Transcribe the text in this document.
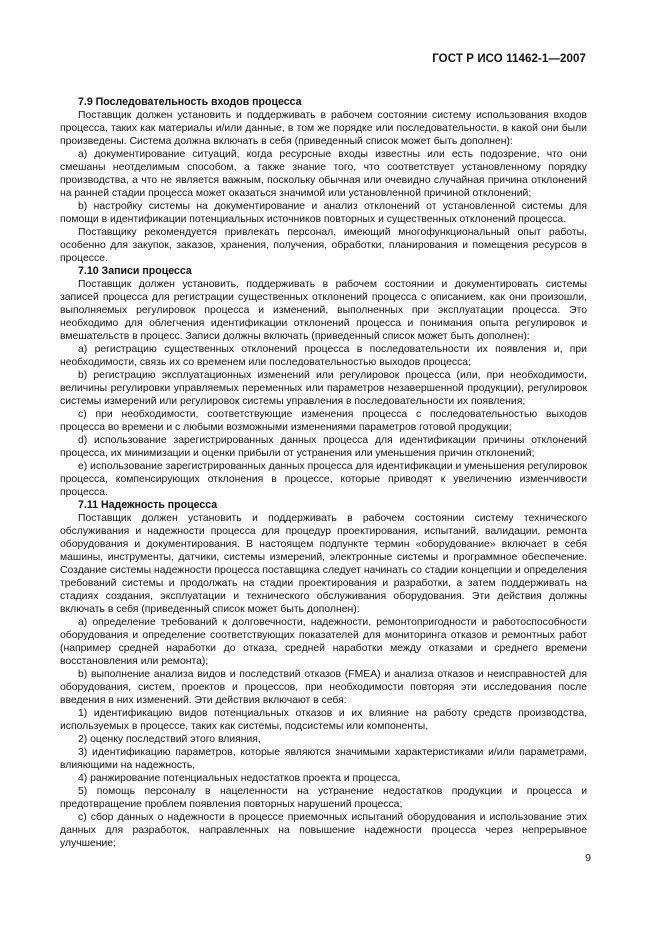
ГОСТ Р ИСО 11462-1—2007
7.9 Последовательность входов процесса

Поставщик должен установить и поддерживать в рабочем состоянии систему использования входов процесса, таких как материалы и/или данные, в том же порядке или последовательности, в какой они были произведены. Система должна включать в себя (приведенный список может быть дополнен):

а) документирование ситуаций, когда ресурсные входы известны или есть подозрение, что они смешаны неотделимым способом, а также знание того, что соответствует установленному порядку производства, а что не является важным, поскольку обычная или очевидно случайная причина отклонений на ранней стадии процесса может оказаться значимой или установленной причиной отклонений;

b) настройку системы на документирование и анализ отклонений от установленной системы для помощи в идентификации потенциальных источников повторных и существенных отклонений процесса.

Поставщику рекомендуется привлекать персонал, имеющий многофункциональный опыт работы, особенно для закупок, заказов, хранения, получения, обработки, планирования и помещения ресурсов в процессе.

7.10 Записи процесса

Поставщик должен установить, поддерживать в рабочем состоянии и документировать системы записей процесса для регистрации существенных отклонений процесса с описанием, как они произошли, выполняемых регулировок процесса и изменений, выполненных при эксплуатации процесса. Это необходимо для облегчения идентификации отклонений процесса и понимания опыта регулировок и вмешательств в процесс. Записи должны включать (приведенный список может быть дополнен):

а) регистрацию существенных отклонений процесса в последовательности их появления и, при необходимости, связь их со временем или последовательностью выходов процесса;

b) регистрацию эксплуатационных изменений или регулировок процесса (или, при необходимости, величины регулировки управляемых переменных или параметров незавершенной продукции), регулировок системы измерений или регулировок системы управления в последовательности их появления;

с) при необходимости, соответствующие изменения процесса с последовательностью выходов процесса во времени и с любыми возможными изменениями параметров готовой продукции;

d) использование зарегистрированных данных процесса для идентификации причины отклонений процесса, их минимизации и оценки прибыли от устранения или уменьшения причин отклонений;

е) использование зарегистрированных данных процесса для идентификации и уменьшения регулировок процесса, компенсирующих отклонения в процессе, которые приводят к увеличению изменчивости процесса.

7.11 Надежность процесса

Поставщик должен установить и поддерживать в рабочем состоянии систему технического обслуживания и надежности процесса для процедур проектирования, испытаний, валидации, ремонта оборудования и документирования. В настоящем подпункте термин «оборудование» включает в себя машины, инструменты, датчики, системы измерений, электронные системы и программное обеспечение. Создание системы надежности процесса поставщика следует начинать со стадии концепции и определения требований системы и продолжать на стадии проектирования и разработки, а затем поддерживать на стадиях создания, эксплуатации и технического обслуживания оборудования. Эти действия должны включать в себя (приведенный список может быть дополнен):

а) определение требований к долговечности, надежности, ремонтопригодности и работоспособности оборудования и определение соответствующих показателей для мониторинга отказов и ремонтных работ (например средней наработки до отказа, средней наработки между отказами и среднего времени восстановления или ремонта);

b) выполнение анализа видов и последствий отказов (FMEA) и анализа отказов и неисправностей для оборудования, систем, проектов и процессов, при необходимости повторяя эти исследования после введения в них изменений. Эти действия включают в себя:

1) идентификацию видов потенциальных отказов и их влияние на работу средств производства, используемых в процессе, таких как системы, подсистемы или компоненты,

2) оценку последствий этого влияния,

3) идентификацию параметров, которые являются значимыми характеристиками и/или параметрами, влияющими на надежность,

4) ранжирование потенциальных недостатков проекта и процесса,

5) помощь персоналу в нацеленности на устранение недостатков продукции и процесса и предотвращение проблем появления повторных нарушений процесса;

с) сбор данных о надежности в процессе приемочных испытаний оборудования и использование этих данных для разработок, направленных на повышение надежности процесса через непрерывное улучшение;

9
